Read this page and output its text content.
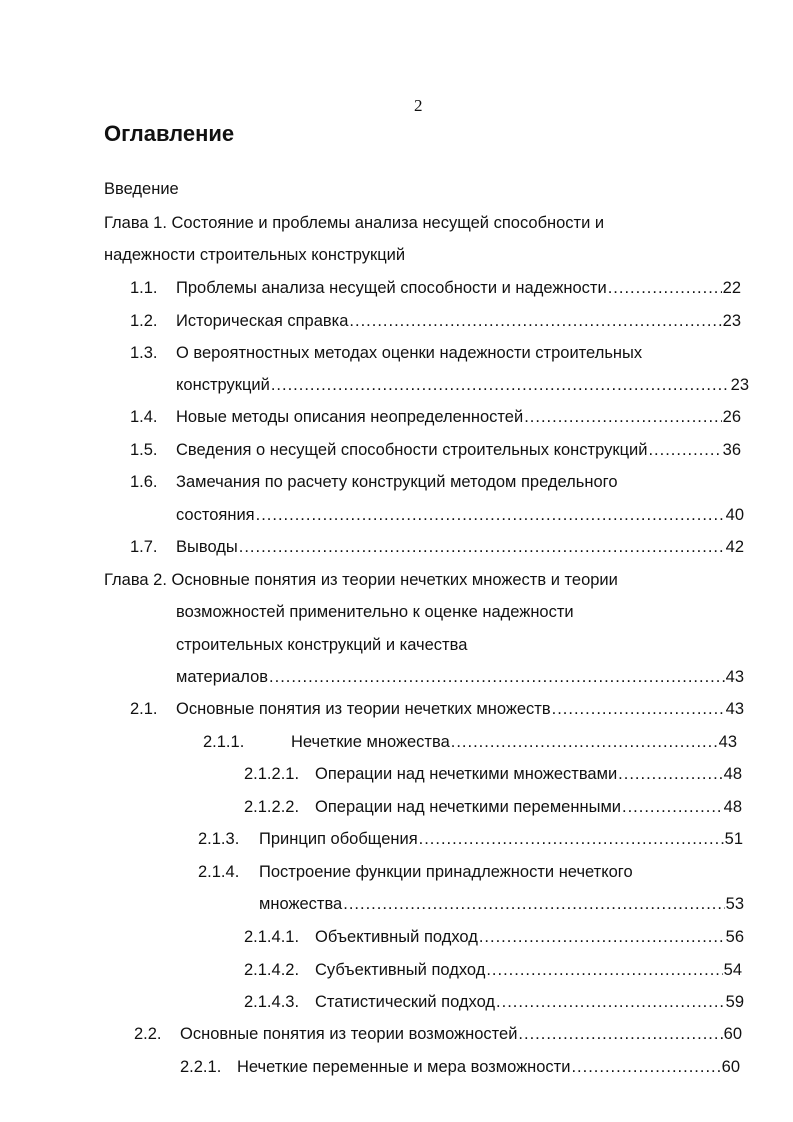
2
Оглавление
Введение
Глава 1. Состояние и проблемы анализа несущей способности и
надежности строительных конструкций
1.1. Проблемы анализа несущей способности и надежности .....	22
1.2. Историческая справка .....	23
1.3. О вероятностных методах оценки надежности строительных
конструкций .....	23
1.4. Новые методы описания неопределенностей .....	26
1.5. Сведения о несущей способности строительных конструкций .....	36
1.6. Замечания по расчету конструкций методом предельного
состояния .....	40
1.7. Выводы .....	42
Глава 2. Основные понятия из теории нечетких множеств и теории
возможностей применительно к оценке надежности
строительных конструкций и качества
материалов .....	43
2.1. Основные понятия из теории нечетких множеств .....	43
2.1.1.	Нечеткие множества .....	43
2.1.2.1. Операции над нечеткими множествами .....	48
2.1.2.2. Операции над нечеткими переменными .....	48
2.1.3. Принцип обобщения .....	51
2.1.4. Построение функции принадлежности нечеткого
множества .....	53
2.1.4.1. Объективный подход .....	56
2.1.4.2. Субъективный подход .....	54
2.1.4.3. Статистический подход .....	59
2.2. Основные понятия из теории возможностей .....	60
2.2.1. Нечеткие переменные и мера возможности .....	60
